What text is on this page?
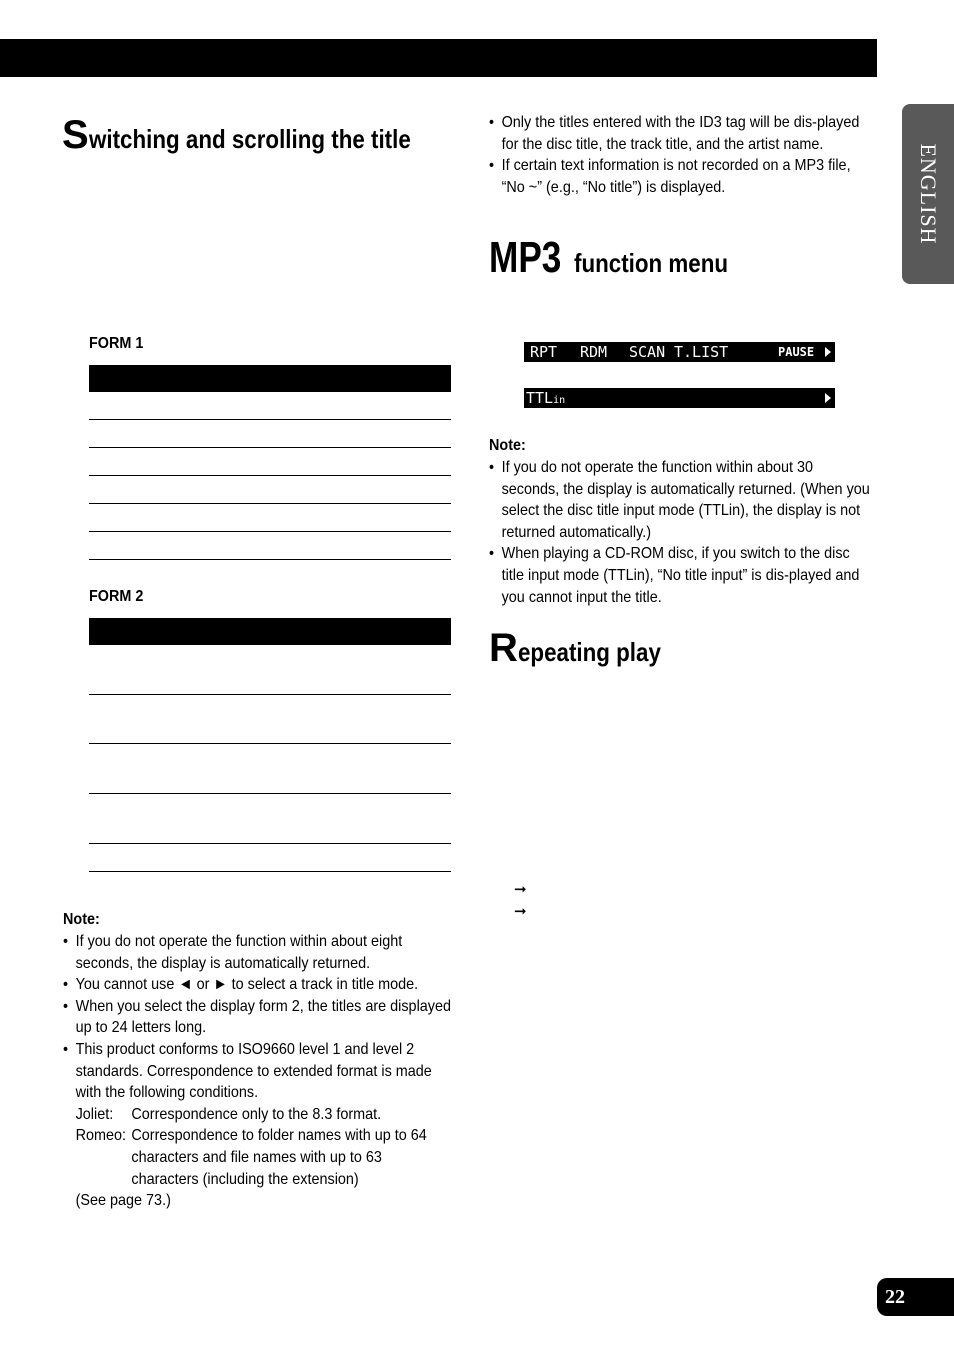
ENGLISH
Switching and scrolling the title
FORM 1
FORM 2
Note:
• If you do not operate the function within about eight seconds, the display is automatically returned.
• You cannot use ◄ or ► to select a track in title mode.
• When you select the display form 2, the titles are displayed up to 24 letters long.
• This product conforms to ISO9660 level 1 and level 2 standards. Correspondence to extended format is made with the following conditions.
Joliet:	Correspondence only to the 8.3 format.
Romeo: Correspondence to folder names with up to 64 characters and file names with up to 63 characters (including the extension)
(See page 73.)
• Only the titles entered with the ID3 tag will be dis-played for the disc title, the track title, and the artist name.
• If certain text information is not recorded on a MP3 file, “No ~” (e.g., “No title”) is displayed.
MP3 function menu
RPT RDM SCAN T.LIST	PAUSE
TTLin
Note:
• If you do not operate the function within about 30 seconds, the display is automatically returned. (When you select the disc title input mode (TTLin), the display is not returned automatically.)
• When playing a CD-ROM disc, if you switch to the disc title input mode (TTLin), “No title input” is dis-played and you cannot input the title.
Repeating play
➞
➞
22
